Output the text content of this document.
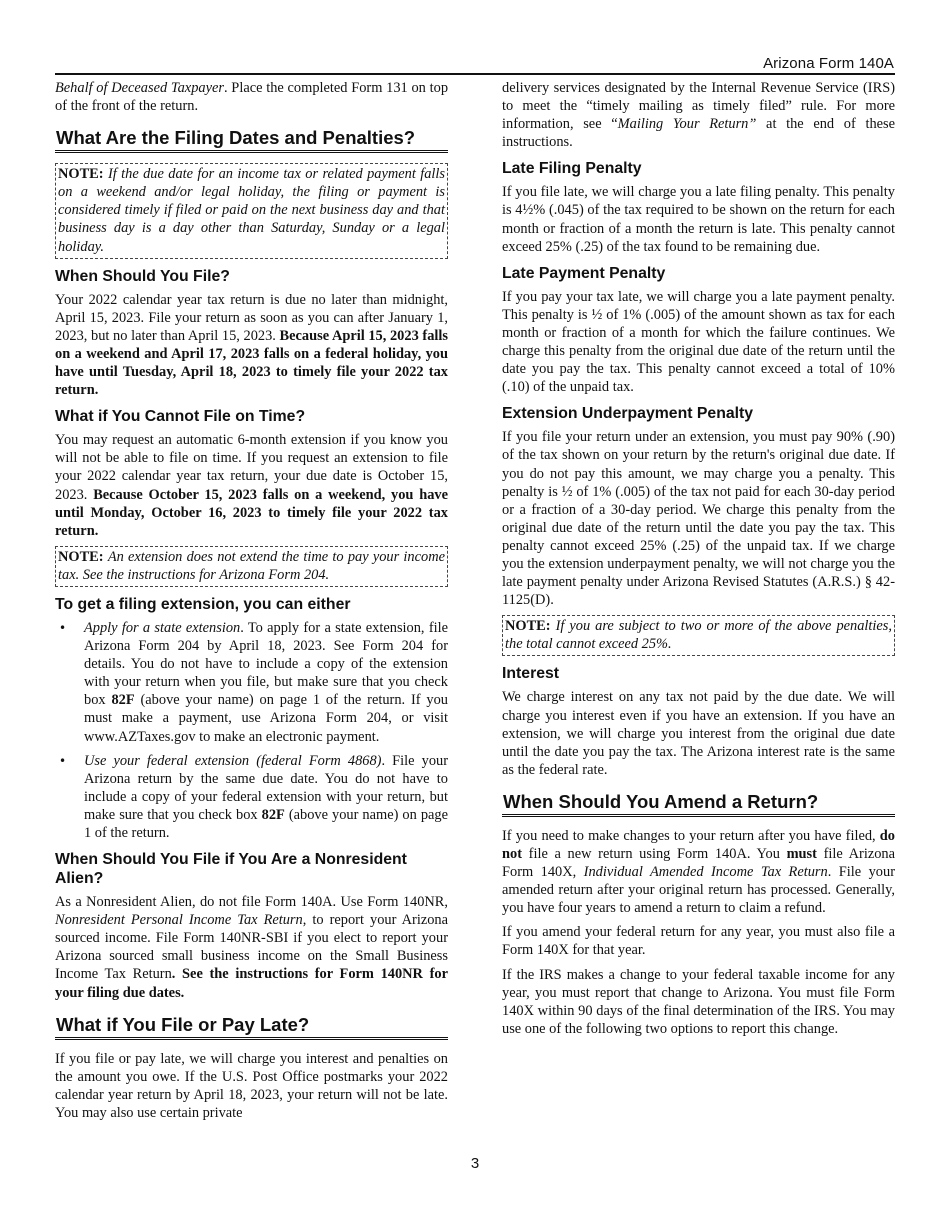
Arizona Form 140A

Behalf of Deceased Taxpayer. Place the completed Form 131 on top of the front of the return.

What Are the Filing Dates and Penalties?
NOTE: If the due date for an income tax or related payment falls on a weekend and/or legal holiday, the filing or payment is considered timely if filed or paid on the next business day and that business day is a day other than Saturday, Sunday or a legal holiday.
When Should You File?

Your 2022 calendar year tax return is due no later than midnight, April 15, 2023. File your return as soon as you can after January 1, 2023, but no later than April 15, 2023. Because April 15, 2023 falls on a weekend and April 17, 2023 falls on a federal holiday, you have until Tuesday, April 18, 2023 to timely file your 2022 tax return.

What if You Cannot File on Time?

You may request an automatic 6-month extension if you know you will not be able to file on time. If you request an extension to file your 2022 calendar year tax return, your due date is October 15, 2023. Because October 15, 2023 falls on a weekend, you have until Monday, October 16, 2023 to timely file your 2022 tax return.

NOTE: An extension does not extend the time to pay your income tax. See the instructions for Arizona Form 204.
To get a filing extension, you can either
• Apply for a state extension. To apply for a state extension, file Arizona Form 204 by April 18, 2023. See Form 204 for details. You do not have to include a copy of the extension with your return when you file, but make sure that you check box 82F (above your name) on page 1 of the return. If you must make a payment, use Arizona Form 204, or visit www.AZTaxes.gov to make an electronic payment.
• Use your federal extension (federal Form 4868). File your Arizona return by the same due date. You do not have to include a copy of your federal extension with your return, but make sure that you check box 82F (above your name) on page 1 of the return.
When Should You File if You Are a Nonresident Alien?

As a Nonresident Alien, do not file Form 140A. Use Form 140NR, Nonresident Personal Income Tax Return, to report your Arizona sourced income. File Form 140NR-SBI if you elect to report your Arizona sourced small business income on the Small Business Income Tax Return. See the instructions for Form 140NR for your filing due dates.

What if You File or Pay Late?

If you file or pay late, we will charge you interest and penalties on the amount you owe. If the U.S. Post Office postmarks your 2022 calendar year return by April 18, 2023, your return will not be late. You may also use certain private

delivery services designated by the Internal Revenue Service (IRS) to meet the “timely mailing as timely filed” rule. For more information, see “Mailing Your Return” at the end of these instructions.

Late Filing Penalty

If you file late, we will charge you a late filing penalty. This penalty is 4½% (.045) of the tax required to be shown on the return for each month or fraction of a month the return is late. This penalty cannot exceed 25% (.25) of the tax found to be remaining due.

Late Payment Penalty

If you pay your tax late, we will charge you a late payment penalty. This penalty is ½ of 1% (.005) of the amount shown as tax for each month or fraction of a month for which the failure continues. We charge this penalty from the original due date of the return until the date you pay the tax. This penalty cannot exceed a total of 10% (.10) of the unpaid tax.

Extension Underpayment Penalty

If you file your return under an extension, you must pay 90% (.90) of the tax shown on your return by the return's original due date. If you do not pay this amount, we may charge you a penalty. This penalty is ½ of 1% (.005) of the tax not paid for each 30-day period or a fraction of a 30-day period. We charge this penalty from the original due date of the return until the date you pay the tax. This penalty cannot exceed 25% (.25) of the unpaid tax. If we charge you the extension underpayment penalty, we will not charge you the late payment penalty under Arizona Revised Statutes (A.R.S.) § 42-1125(D).

NOTE: If you are subject to two or more of the above penalties, the total cannot exceed 25%.
Interest

We charge interest on any tax not paid by the due date. We will charge you interest even if you have an extension. If you have an extension, we will charge you interest from the original due date until the date you pay the tax. The Arizona interest rate is the same as the federal rate.

When Should You Amend a Return?

If you need to make changes to your return after you have filed, do not file a new return using Form 140A. You must file Arizona Form 140X, Individual Amended Income Tax Return. File your amended return after your original return has processed. Generally, you have four years to amend a return to claim a refund.

If you amend your federal return for any year, you must also file a Form 140X for that year.

If the IRS makes a change to your federal taxable income for any year, you must report that change to Arizona. You must file Form 140X within 90 days of the final determination of the IRS. You may use one of the following two options to report this change.

3
